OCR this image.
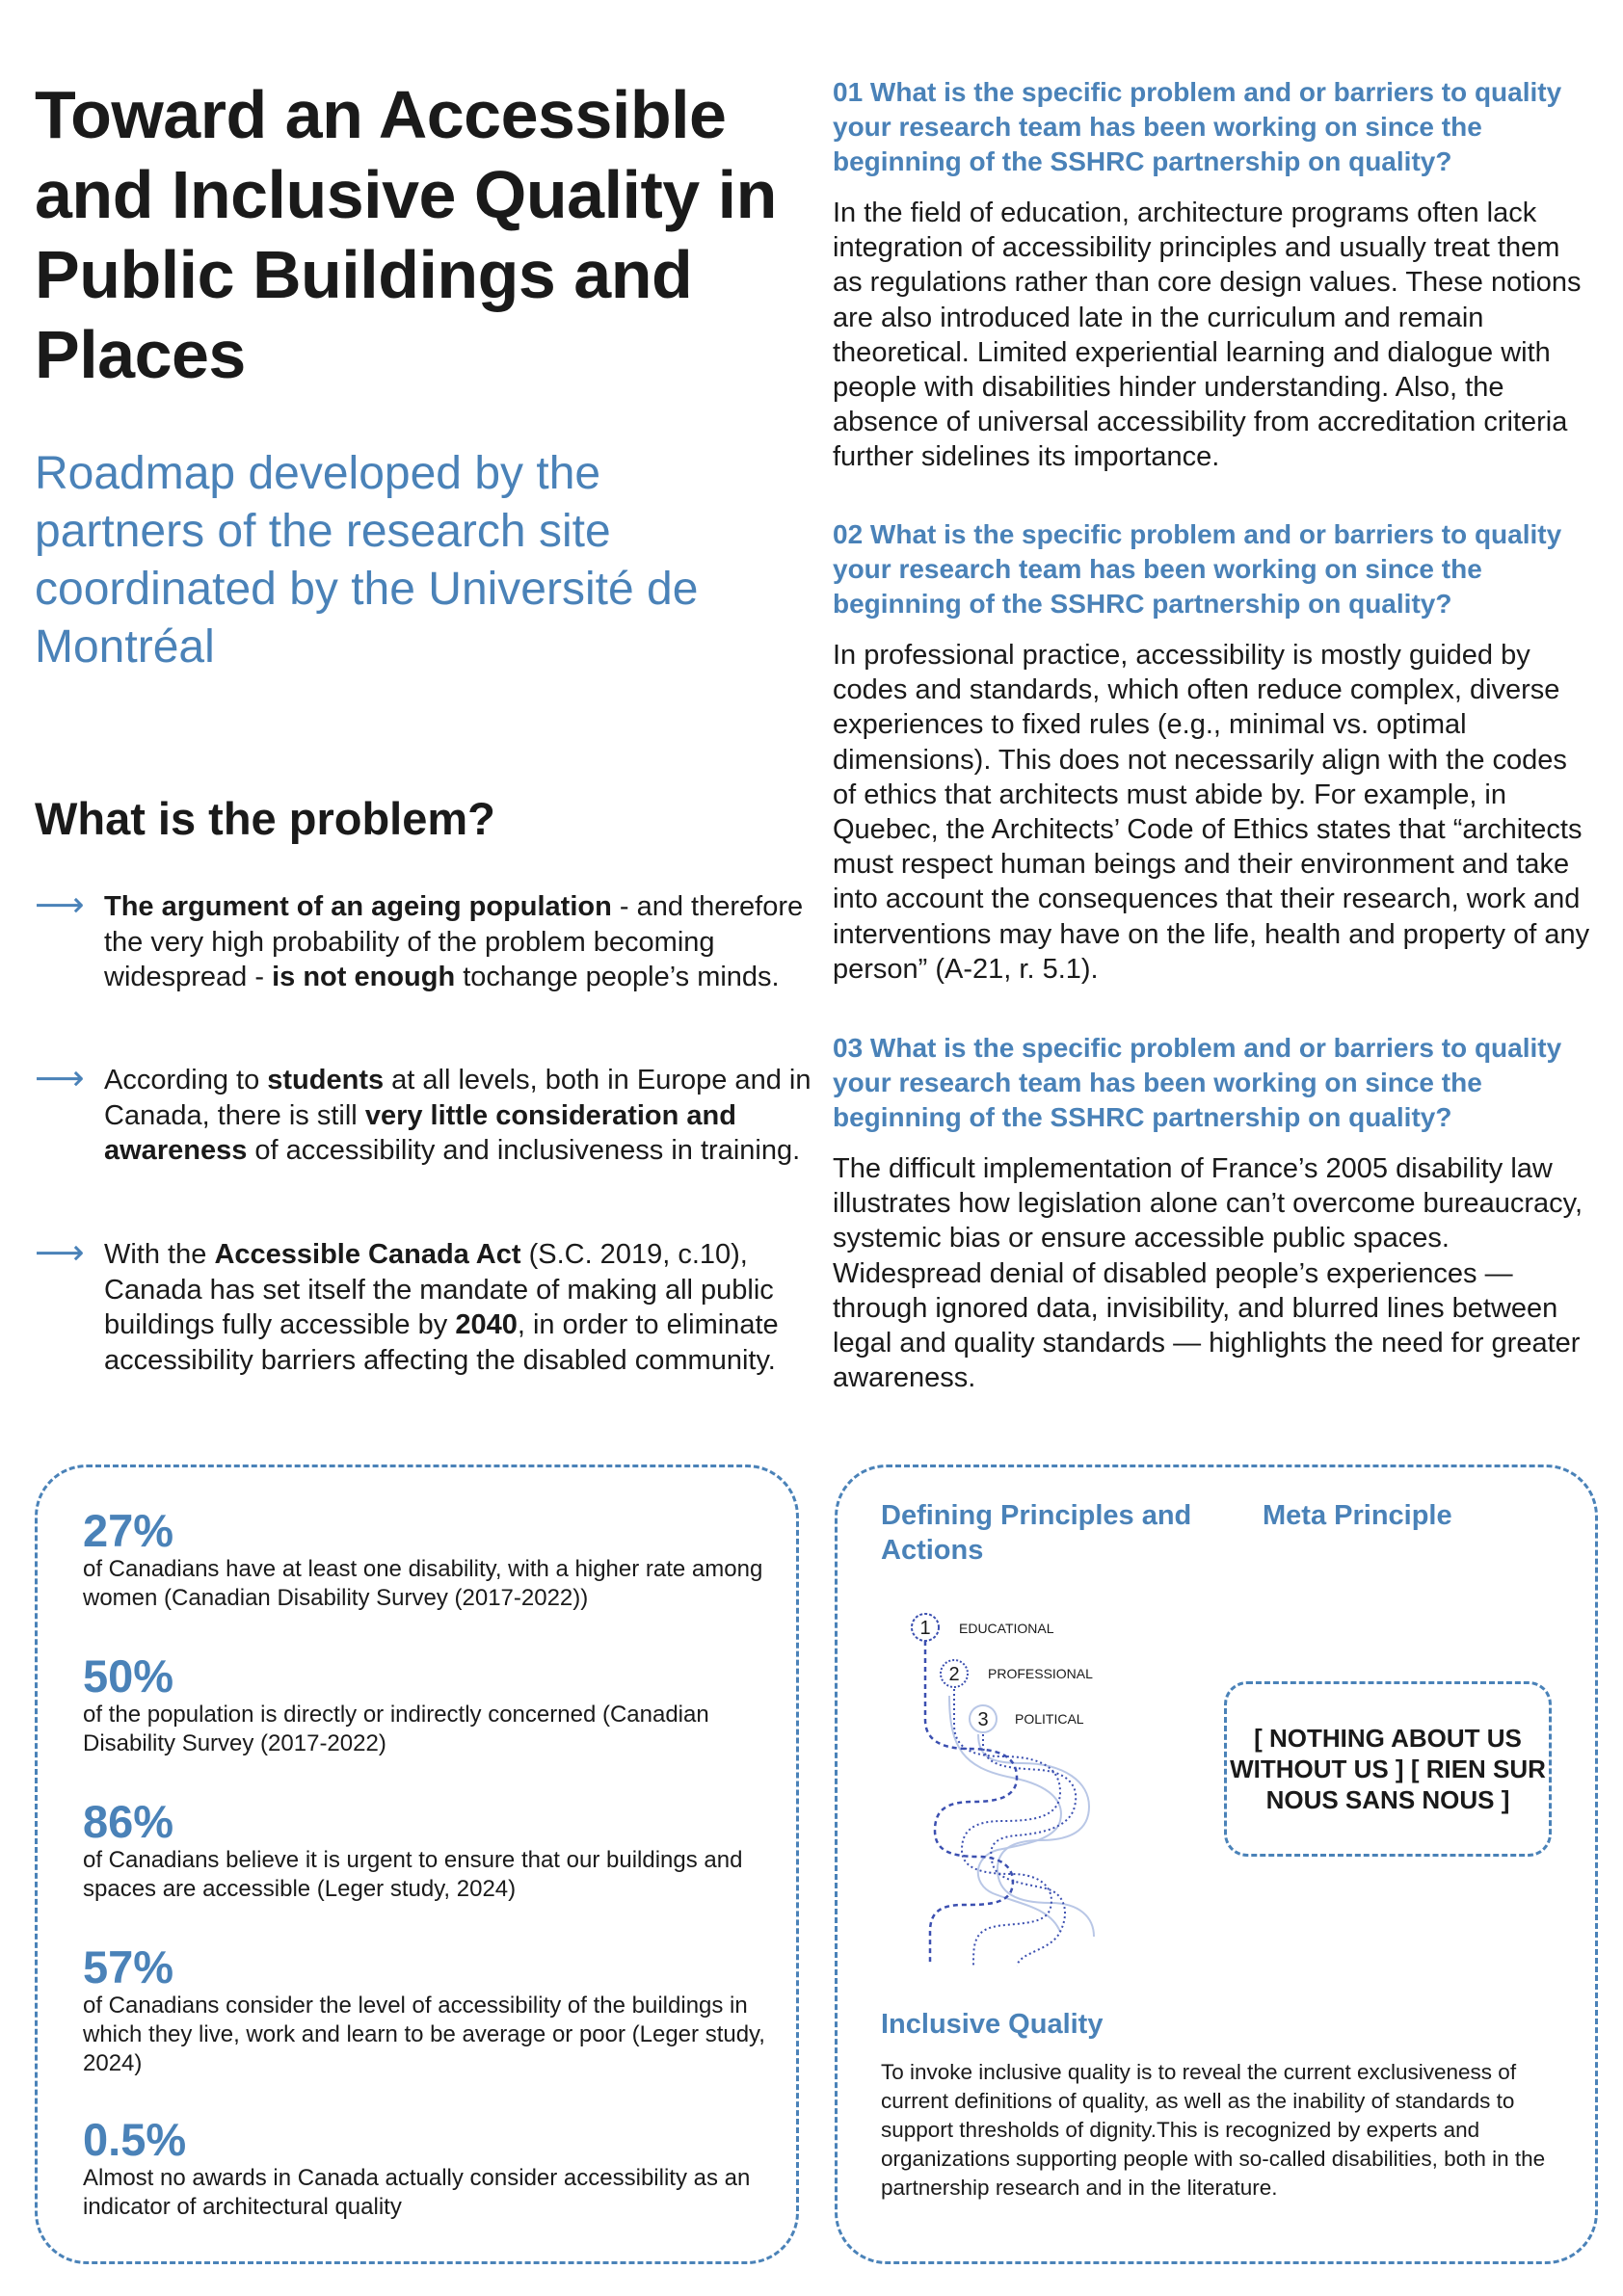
Toward an Accessible and Inclusive Quality in Public Buildings and Places
Roadmap developed by the partners of the research site coordinated by the Université de Montréal
What is the problem?
⟶ The argument of an ageing population - and therefore the very high probability of the problem becoming widespread - is not enough tochange people’s minds.
⟶ According to students at all levels, both in Europe and in Canada, there is still very little consideration and awareness of accessibility and inclusiveness in training.
⟶ With the Accessible Canada Act (S.C. 2019, c.10), Canada has set itself the mandate of making all public buildings fully accessible by 2040, in order to eliminate accessibility barriers affecting the disabled community.

01 What is the specific problem and or barriers to quality your research team has been working on since the beginning of the SSHRC partnership on quality?

In the field of education, architecture programs often lack integration of accessibility principles and usually treat them as regulations rather than core design values. These notions are also introduced late in the curriculum and remain theoretical. Limited experiential learning and dialogue with people with disabilities hinder understanding. Also, the absence of universal accessibility from accreditation criteria further sidelines its importance.

02 What is the specific problem and or barriers to quality your research team has been working on since the beginning of the SSHRC partnership on quality?

In professional practice, accessibility is mostly guided by codes and standards, which often reduce complex, diverse experiences to fixed rules (e.g., minimal vs. optimal dimensions). This does not necessarily align with the codes of ethics that architects must abide by. For example, in Quebec, the Architects’ Code of Ethics states that “architects must respect human beings and their environment and take into account the consequences that their research, work and interventions may have on the life, health and property of any person” (A-21, r. 5.1).

03 What is the specific problem and or barriers to quality your research team has been working on since the beginning of the SSHRC partnership on quality?

The difficult implementation of France’s 2005 disability law illustrates how legislation alone can’t overcome bureaucracy, systemic bias or ensure accessible public spaces. Widespread denial of disabled people’s experiences — through ignored data, invisibility, and blurred lines between legal and quality standards — highlights the need for greater awareness.

27%
of Canadians have at least one disability, with a higher rate among women (Canadian Disability Survey (2017-2022))
50%
of the population is directly or indirectly concerned (Canadian Disability Survey (2017-2022)
86%
of Canadians believe it is urgent to ensure that our buildings and spaces are accessible (Leger study, 2024)
57%
of Canadians consider the level of accessibility of the buildings in which they live, work and learn to be average or poor (Leger study, 2024)
0.5%
Almost no awards in Canada actually consider accessibility as an indicator of architectural quality

Defining Principles and Actions

Meta Principle

1 EDUCATIONAL
2 PROFESSIONAL
3 POLITICAL
[ NOTHING ABOUT US WITHOUT US ] [ RIEN SUR NOUS SANS NOUS ]

Inclusive Quality

To invoke inclusive quality is to reveal the current exclusiveness of current definitions of quality, as well as the inability of standards to support thresholds of dignity.This is recognized by experts and organizations supporting people with so-called disabilities, both in the partnership research and in the literature.
